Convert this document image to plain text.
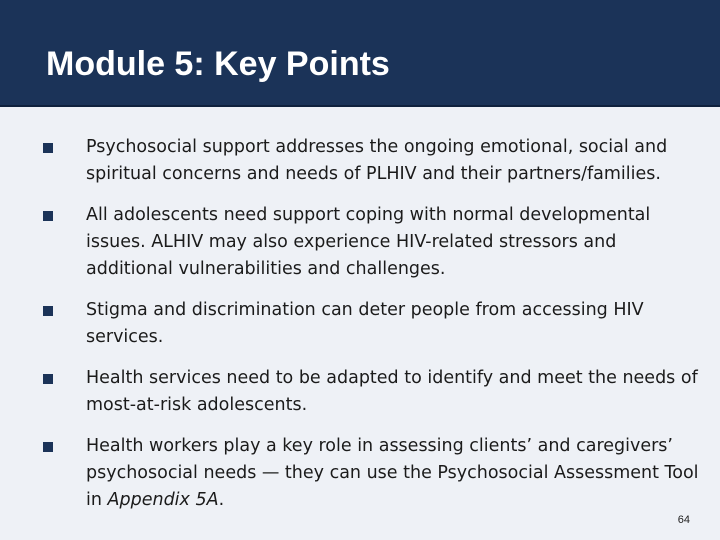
Module 5: Key Points
Psychosocial support addresses the ongoing emotional, social and spiritual concerns and needs of PLHIV and their partners/families.
All adolescents need support coping with normal developmental issues. ALHIV may also experience HIV-related stressors and additional vulnerabilities and challenges.
Stigma and discrimination can deter people from accessing HIV services.
Health services need to be adapted to identify and meet the needs of most-at-risk adolescents.
Health workers play a key role in assessing clients’ and caregivers’ psychosocial needs — they can use the Psychosocial Assessment Tool in Appendix 5A.
64
